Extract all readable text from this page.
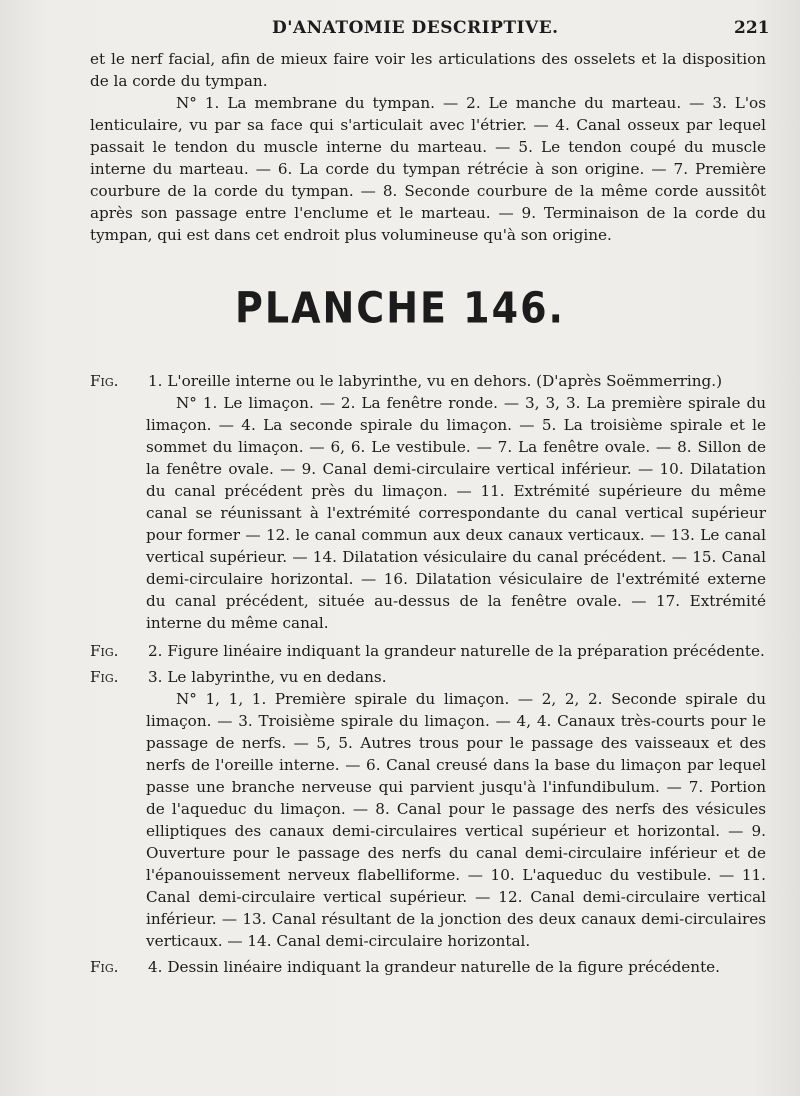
D'ANATOMIE DESCRIPTIVE.	221

et le nerf facial, afin de mieux faire voir les articulations des osselets et la disposition de la corde du tympan.

N° 1. La membrane du tympan. — 2. Le manche du marteau. — 3. L'os lenticulaire, vu par sa face qui s'articulait avec l'étrier. — 4. Canal osseux par lequel passait le tendon du muscle interne du marteau. — 5. Le tendon coupé du muscle interne du marteau. — 6. La corde du tympan rétrécie à son origine. — 7. Première courbure de la corde du tympan. — 8. Seconde courbure de la même corde aussitôt après son passage entre l'enclume et le marteau. — 9. Terminaison de la corde du tympan, qui est dans cet endroit plus volumineuse qu'à son origine.

PLANCHE 146.
Fig.	1. L'oreille interne ou le labyrinthe, vu en dehors. (D'après Soëmmerring.)

N° 1. Le limaçon. — 2. La fenêtre ronde. — 3, 3, 3. La première spirale du limaçon. — 4. La seconde spirale du limaçon. — 5. La troisième spirale et le sommet du limaçon. — 6, 6. Le vestibule. — 7. La fenêtre ovale. — 8. Sillon de la fenêtre ovale. — 9. Canal demi-circulaire vertical inférieur. — 10. Dilatation du canal précédent près du limaçon. — 11. Extrémité supérieure du même canal se réunissant à l'extrémité correspondante du canal vertical supérieur pour former — 12. le canal commun aux deux canaux verticaux. — 13. Le canal vertical supérieur. — 14. Dilatation vésiculaire du canal précédent. — 15. Canal demi-circulaire horizontal. — 16. Dilatation vésiculaire de l'extrémité externe du canal précédent, située au-dessus de la fenêtre ovale. — 17. Extrémité interne du même canal.

Fig.	2. Figure linéaire indiquant la grandeur naturelle de la préparation précédente.
Fig.	3. Le labyrinthe, vu en dedans.

N° 1, 1, 1. Première spirale du limaçon. — 2, 2, 2. Seconde spirale du limaçon. — 3. Troisième spirale du limaçon. — 4, 4. Canaux très-courts pour le passage de nerfs. — 5, 5. Autres trous pour le passage des vaisseaux et des nerfs de l'oreille interne. — 6. Canal creusé dans la base du limaçon par lequel passe une branche nerveuse qui parvient jusqu'à l'infundibulum. — 7. Portion de l'aqueduc du limaçon. — 8. Canal pour le passage des nerfs des vésicules elliptiques des canaux demi-circulaires vertical supérieur et horizontal. — 9. Ouverture pour le passage des nerfs du canal demi-circulaire inférieur et de l'épanouissement nerveux flabelliforme. — 10. L'aqueduc du vestibule. — 11. Canal demi-circulaire vertical supérieur. — 12. Canal demi-circulaire vertical inférieur. — 13. Canal résultant de la jonction des deux canaux demi-circulaires verticaux. — 14. Canal demi-circulaire horizontal.

Fig.	4. Dessin linéaire indiquant la grandeur naturelle de la figure précédente.
